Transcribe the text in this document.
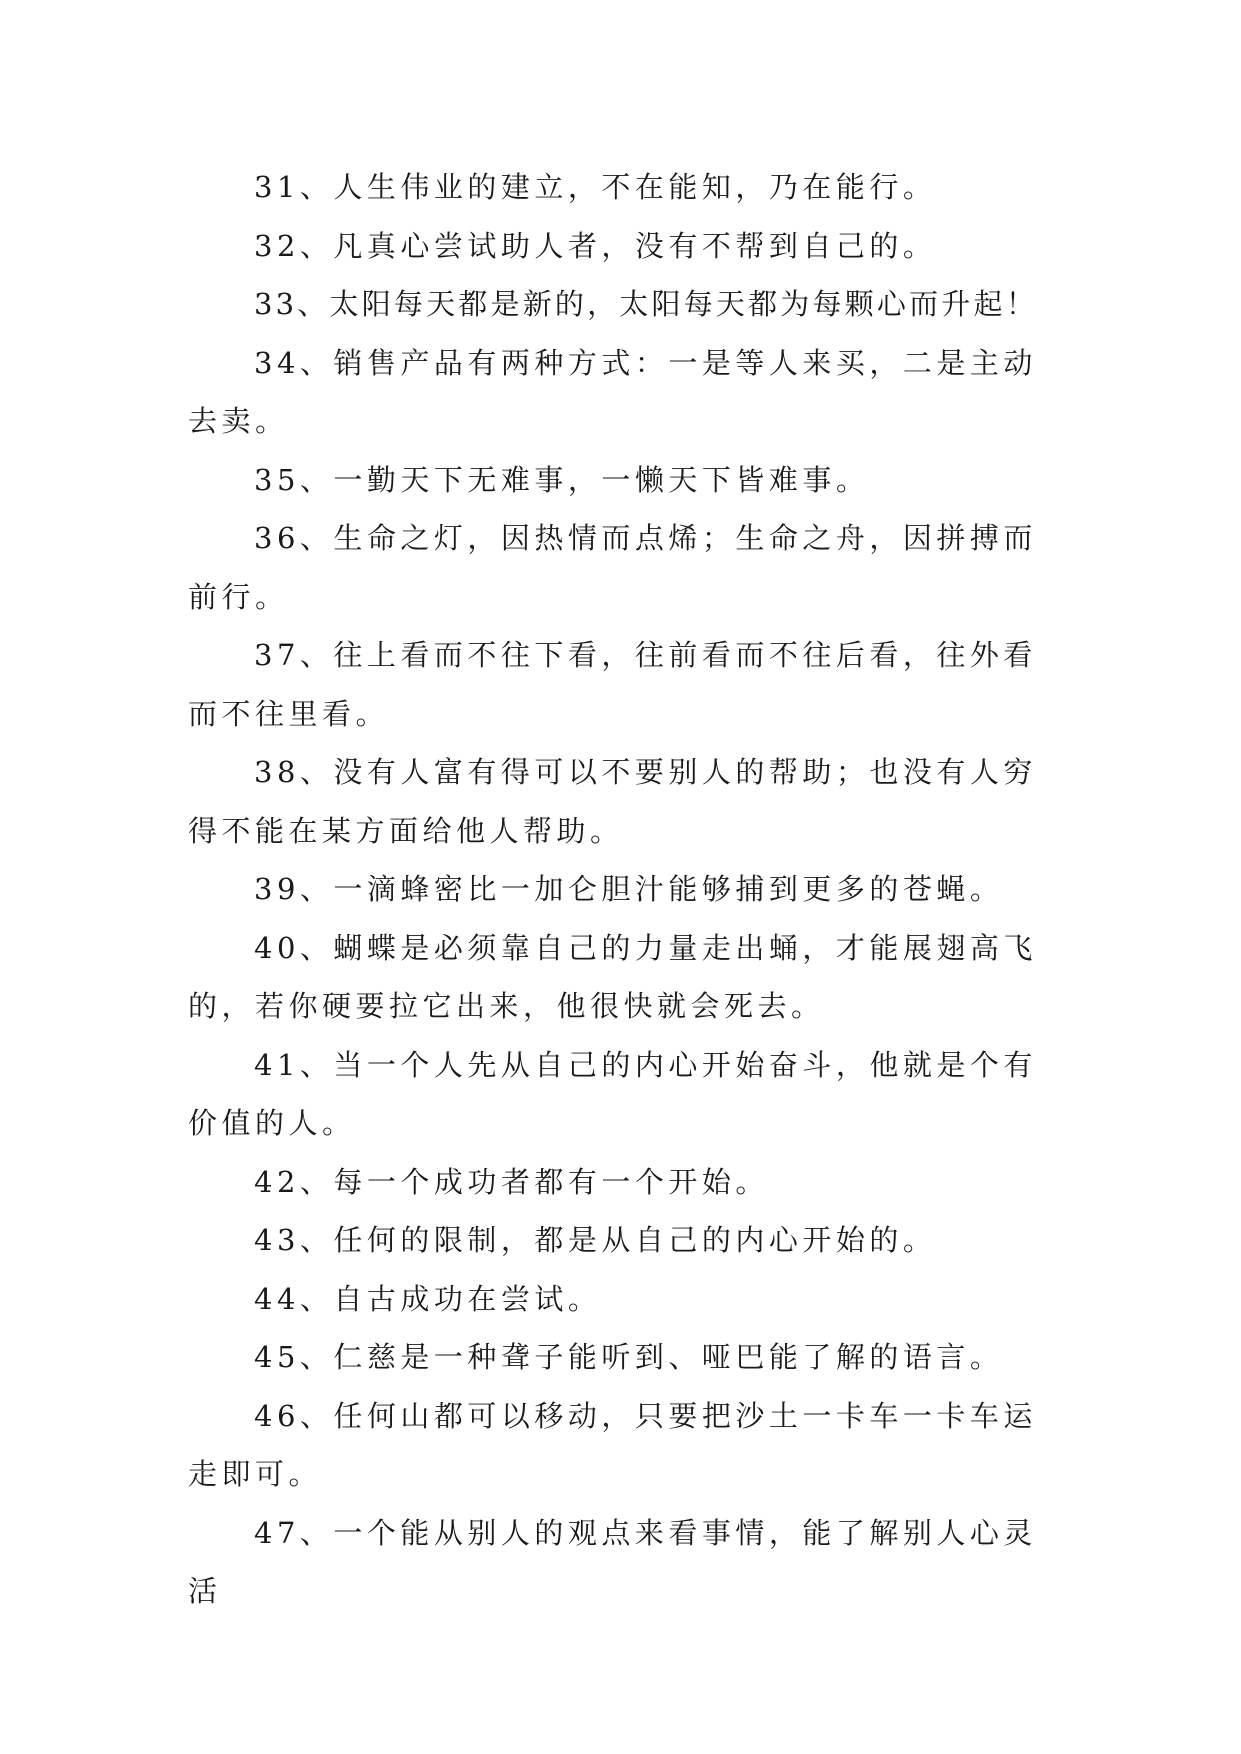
31、人生伟业的建立，不在能知，乃在能行。

32、凡真心尝试助人者，没有不帮到自己的。

33、太阳每天都是新的，太阳每天都为每颗心而升起！

34、销售产品有两种方式：一是等人来买，二是主动去卖。

35、一勤天下无难事，一懒天下皆难事。

36、生命之灯，因热情而点烯；生命之舟，因拼搏而前行。

37、往上看而不往下看，往前看而不往后看，往外看而不往里看。

38、没有人富有得可以不要别人的帮助；也没有人穷得不能在某方面给他人帮助。

39、一滴蜂密比一加仑胆汁能够捕到更多的苍蝇。

40、蝴蝶是必须靠自己的力量走出蛹，才能展翅高飞的，若你硬要拉它出来，他很快就会死去。

41、当一个人先从自己的内心开始奋斗，他就是个有价值的人。

42、每一个成功者都有一个开始。

43、任何的限制，都是从自己的内心开始的。

44、自古成功在尝试。

45、仁慈是一种聋子能听到、哑巴能了解的语言。

46、任何山都可以移动，只要把沙土一卡车一卡车运走即可。

47、一个能从别人的观点来看事情，能了解别人心灵活
